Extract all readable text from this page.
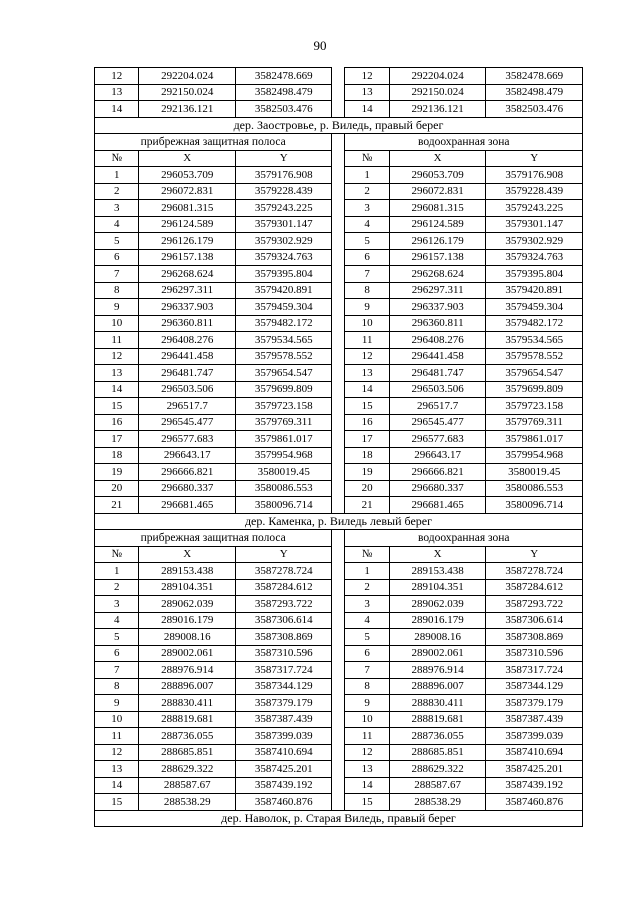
90
12	292204.024	3582478.669		12	292204.024	3582478.669
13	292150.024	3582498.479		13	292150.024	3582498.479
14	292136.121	3582503.476		14	292136.121	3582503.476
дер. Заостровье, р. Виледь, правый берег						
прибрежная защитная полоса				водоохранная зона		
№	X	Y		№	X	Y
1	296053.709	3579176.908		1	296053.709	3579176.908
2	296072.831	3579228.439		2	296072.831	3579228.439
3	296081.315	3579243.225		3	296081.315	3579243.225
4	296124.589	3579301.147		4	296124.589	3579301.147
5	296126.179	3579302.929		5	296126.179	3579302.929
6	296157.138	3579324.763		6	296157.138	3579324.763
7	296268.624	3579395.804		7	296268.624	3579395.804
8	296297.311	3579420.891		8	296297.311	3579420.891
9	296337.903	3579459.304		9	296337.903	3579459.304
10	296360.811	3579482.172		10	296360.811	3579482.172
11	296408.276	3579534.565		11	296408.276	3579534.565
12	296441.458	3579578.552		12	296441.458	3579578.552
13	296481.747	3579654.547		13	296481.747	3579654.547
14	296503.506	3579699.809		14	296503.506	3579699.809
15	296517.7	3579723.158		15	296517.7	3579723.158
16	296545.477	3579769.311		16	296545.477	3579769.311
17	296577.683	3579861.017		17	296577.683	3579861.017
18	296643.17	3579954.968		18	296643.17	3579954.968
19	296666.821	3580019.45		19	296666.821	3580019.45
20	296680.337	3580086.553		20	296680.337	3580086.553
21	296681.465	3580096.714		21	296681.465	3580096.714
дер. Каменка, р. Виледь левый берег						
прибрежная защитная полоса				водоохранная зона		
№	X	Y		№	X	Y
1	289153.438	3587278.724		1	289153.438	3587278.724
2	289104.351	3587284.612		2	289104.351	3587284.612
3	289062.039	3587293.722		3	289062.039	3587293.722
4	289016.179	3587306.614		4	289016.179	3587306.614
5	289008.16	3587308.869		5	289008.16	3587308.869
6	289002.061	3587310.596		6	289002.061	3587310.596
7	288976.914	3587317.724		7	288976.914	3587317.724
8	288896.007	3587344.129		8	288896.007	3587344.129
9	288830.411	3587379.179		9	288830.411	3587379.179
10	288819.681	3587387.439		10	288819.681	3587387.439
11	288736.055	3587399.039		11	288736.055	3587399.039
12	288685.851	3587410.694		12	288685.851	3587410.694
13	288629.322	3587425.201		13	288629.322	3587425.201
14	288587.67	3587439.192		14	288587.67	3587439.192
15	288538.29	3587460.876		15	288538.29	3587460.876
дер. Наволок, р. Старая Виледь, правый берег						
